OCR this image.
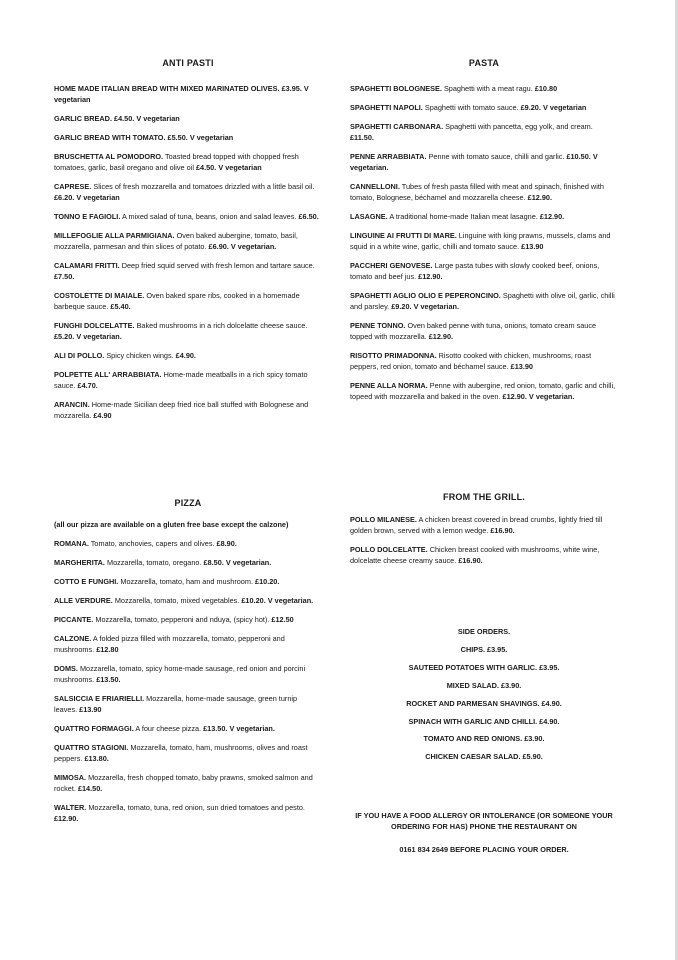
ANTI PASTI
HOME MADE ITALIAN BREAD WITH MIXED MARINATED OLIVES. £3.95. V vegetarian
GARLIC BREAD. £4.50. V vegetarian
GARLIC BREAD WITH TOMATO. £5.50. V vegetarian
BRUSCHETTA AL POMODORO. Toasted bread topped with chopped fresh tomatoes, garlic, basil oregano and olive oil £4.50. V vegetarian
CAPRESE. Slices of fresh mozzarella and tomatoes drizzled with a little basil oil. £6.20. V vegetarian
TONNO E FAGIOLI. A mixed salad of tuna, beans, onion and salad leaves. £6.50.
MILLEFOGLIE ALLA PARMIGIANA. Oven baked aubergine, tomato, basil, mozzarella, parmesan and thin slices of potato. £6.90. V vegetarian.
CALAMARI FRITTI. Deep fried squid served with fresh lemon and tartare sauce. £7.50.
COSTOLETTE DI MAIALE. Oven baked spare ribs, cooked in a homemade barbeque sauce. £5.40.
FUNGHI DOLCELATTE. Baked mushrooms in a rich dolcelatte cheese sauce. £5.20. V vegetarian.
ALI DI POLLO. Spicy chicken wings. £4.90.
POLPETTE ALL' ARRABBIATA. Home-made meatballs in a rich spicy tomato sauce. £4.70.
ARANCIN. Home-made Sicilian deep fried rice ball stuffed with Bolognese and mozzarella. £4.90
PASTA
SPAGHETTI BOLOGNESE. Spaghetti with a meat ragu. £10.80
SPAGHETTI NAPOLI. Spaghetti with tomato sauce. £9.20. V vegetarian
SPAGHETTI CARBONARA. Spaghetti with pancetta, egg yolk, and cream. £11.50.
PENNE ARRABBIATA. Penne with tomato sauce, chilli and garlic. £10.50. V vegetarian.
CANNELLONI. Tubes of fresh pasta filled with meat and spinach, finished with tomato, Bolognese, béchamel and mozzarella cheese. £12.90.
LASAGNE. A traditional home-made Italian meat lasagne. £12.90.
LINGUINE AI FRUTTI DI MARE. Linguine with king prawns, mussels, clams and squid in a white wine, garlic, chilli and tomato sauce. £13.90
PACCHERI GENOVESE. Large pasta tubes with slowly cooked beef, onions, tomato and beef jus. £12.90.
SPAGHETTI AGLIO OLIO E PEPERONCINO. Spaghetti with olive oil, garlic, chilli and parsley. £9.20. V vegetarian.
PENNE TONNO. Oven baked penne with tuna, onions, tomato cream sauce topped with mozzarella. £12.90.
RISOTTO PRIMADONNA. Risotto cooked with chicken, mushrooms, roast peppers, red onion, tomato and béchamel sauce. £13.90
PENNE ALLA NORMA. Penne with aubergine, red onion, tomato, garlic and chilli, topeed with mozzarella and baked in the oven. £12.90. V vegetarian.
PIZZA
(all our pizza are available on a gluten free base except the calzone)
ROMANA. Tomato, anchovies, capers and olives. £8.90.
MARGHERITA. Mozzarella, tomato, oregano. £8.50. V vegetarian.
COTTO E FUNGHI. Mozzarella, tomato, ham and mushroom. £10.20.
ALLE VERDURE. Mozzarella, tomato, mixed vegetables. £10.20. V vegetarian.
PICCANTE. Mozzarella, tomato, pepperoni and nduya, (spicy hot). £12.50
CALZONE. A folded pizza filled with mozzarella, tomato, pepperoni and mushrooms. £12.80
DOMS. Mozzarella, tomato, spicy home-made sausage, red onion and porcini mushrooms. £13.50.
SALSICCIA E FRIARIELLI. Mozzarella, home-made sausage, green turnip leaves. £13.90
QUATTRO FORMAGGI. A four cheese pizza. £13.50. V vegetarian.
QUATTRO STAGIONI. Mozzarella, tomato, ham, mushrooms, olives and roast peppers. £13.80.
MIMOSA. Mozzarella, fresh chopped tomato, baby prawns, smoked salmon and rocket. £14.50.
WALTER. Mozzarella, tomato, tuna, red onion, sun dried tomatoes and pesto. £12.90.
FROM THE GRILL.
POLLO MILANESE. A chicken breast covered in bread crumbs, lightly fried till golden brown, served with a lemon wedge. £16.90.
POLLO DOLCELATTE. Chicken breast cooked with mushrooms, white wine, dolcelatte cheese creamy sauce. £16.90.
SIDE ORDERS.
CHIPS. £3.95.
SAUTEED POTATOES WITH GARLIC. £3.95.
MIXED SALAD. £3.90.
ROCKET AND PARMESAN SHAVINGS. £4.90.
SPINACH WITH GARLIC AND CHILLI. £4.90.
TOMATO AND RED ONIONS. £3.90.
CHICKEN CAESAR SALAD. £5.90.
IF YOU HAVE A FOOD ALLERGY OR INTOLERANCE (OR SOMEONE YOUR ORDERING FOR HAS) PHONE THE RESTAURANT ON
0161 834 2649 BEFORE PLACING YOUR ORDER.
